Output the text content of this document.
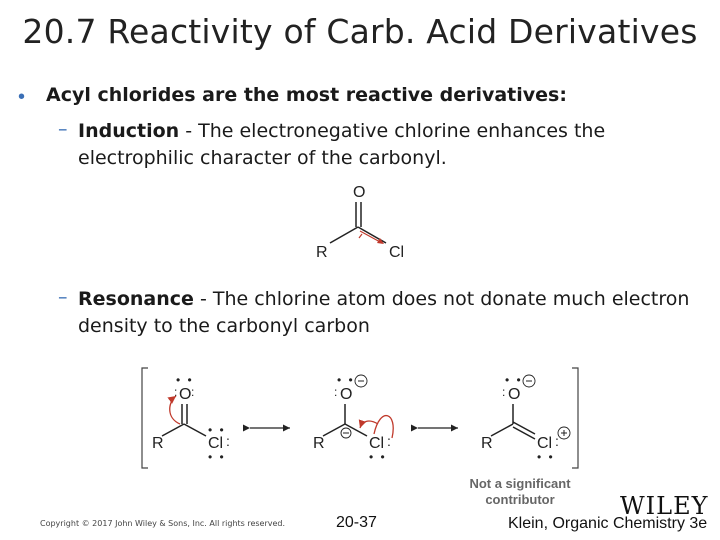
20.7 Reactivity of Carb. Acid Derivatives
• Acyl chlorides are the most reactive derivatives:
– Induction - The electronegative chlorine enhances the electrophilic character of the carbonyl.
O
R	Cl
– Resonance - The chlorine atom does not donate much electron density to the carbonyl carbon
O
• •
: :
R	Cl :
• •
• •
O
• •
:
R	Cl :
• •
O
• •
:
R	Cl :
• •
Not a significant
contributor
Copyright © 2017 John Wiley & Sons, Inc. All rights reserved.	20-37
WILEY
Klein, Organic Chemistry 3e
